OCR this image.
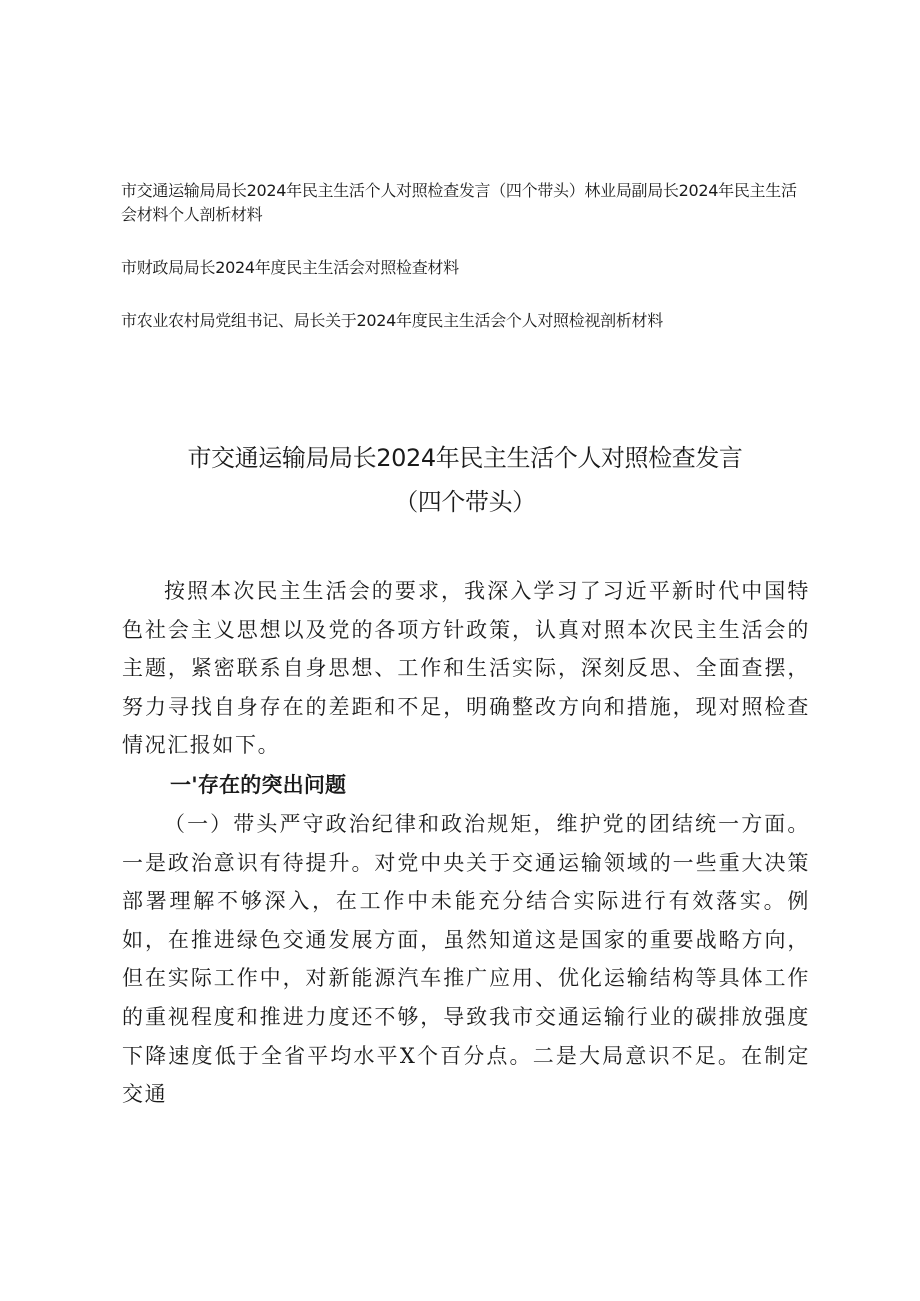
市交通运输局局长2024年民主生活个人对照检查发言（四个带头）林业局副局长2024年民主生活会材料个人剖析材料

市财政局局长2024年度民主生活会对照检查材料

市农业农村局党组书记、局长关于2024年度民主生活会个人对照检视剖析材料

市交通运输局局长2024年民主生活个人对照检查发言
（四个带头）

按照本次民主生活会的要求，我深入学习了习近平新时代中国特色社会主义思想以及党的各项方针政策，认真对照本次民主生活会的主题，紧密联系自身思想、工作和生活实际，深刻反思、全面查摆，努力寻找自身存在的差距和不足，明确整改方向和措施，现对照检查情况汇报如下。

一'存在的突出问题

（一）带头严守政治纪律和政治规矩，维护党的团结统一方面。一是政治意识有待提升。对党中央关于交通运输领域的一些重大决策部署理解不够深入，在工作中未能充分结合实际进行有效落实。例如，在推进绿色交通发展方面，虽然知道这是国家的重要战略方向，但在实际工作中，对新能源汽车推广应用、优化运输结构等具体工作的重视程度和推进力度还不够，导致我市交通运输行业的碳排放强度下降速度低于全省平均水平X个百分点。二是大局意识不足。在制定交通
